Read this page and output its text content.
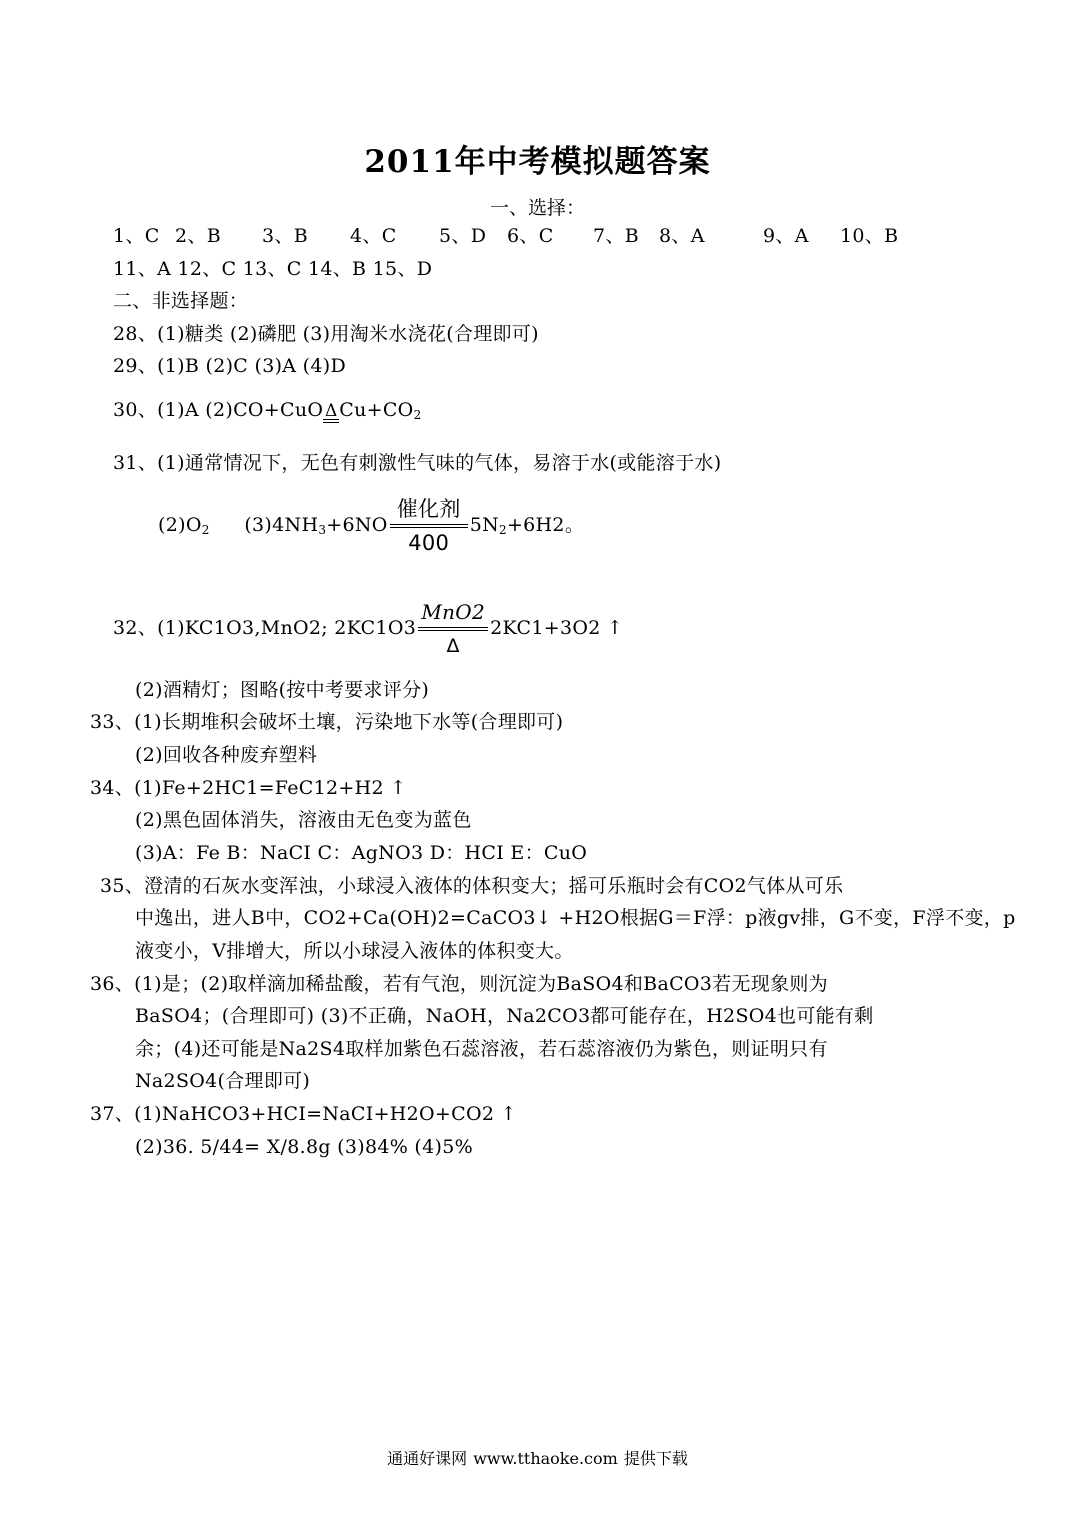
2011年中考模拟题答案
一、选择：
1、C 2、B 3、B 4、C 5、D 6、C 7、B 8、A	9、A 10、B
11、A 12、C 13、C 14、B 15、D
二、非选择题：
28、(1)糖类 (2)磷肥 (3)用淘米水浇花(合理即可)
29、(1)B (2)C (3)A (4)D
30、(1)A (2)CO+CuO Δ
$Cu+CO_2$
31、(1)通常情况下，无色有刺激性气味的气体，易溶于水(或能溶于水)
$(2)O_2$ $(3)4NH_3+6NO \frac{\text{催化剂}}{400} 5N_2+6H2$。
32、(1)KC1O3,MnO2; $2KC1O3 \frac{\text{MnO2}}{\Delta} 2KC1+3O2$ ↑
(2)酒精灯；图略(按中考要求评分)
33、(1)长期堆积会破坏土壤，污染地下水等(合理即可)
(2)回收各种废弃塑料
34、(1)Fe+2HC1=FeC12+H2 ↑
(2)黑色固体消失，溶液由无色变为蓝色
(3)A：Fe B：NaCI C：AgNO3 D：HCI E：CuO
35、澄清的石灰水变浑浊，小球浸入液体的体积变大；摇可乐瓶时会有CO2气体从可乐
中逸出，进人B中，CO2+Ca(OH)2=CaCO3↓ +H2O根据G＝F浮：p液gv排，G不变，F浮不变，p
液变小，V排增大，所以小球浸入液体的体积变大。
36、(1)是；(2)取样滴加稀盐酸，若有气泡，则沉淀为BaSO4和BaCO3若无现象则为
BaSO4；(合理即可) (3)不正确，NaOH，Na2CO3都可能存在，H2SO4也可能有剩
余；(4)还可能是Na2S4取样加紫色石蕊溶液，若石蕊溶液仍为紫色，则证明只有
Na2SO4(合理即可)
37、(1)NaHCO3+HCI=NaCI+H2O+CO2 ↑
(2)36. 5/44= X/8.8g (3)84% (4)5%
通通好课网 www.tthaoke.com 提供下载
